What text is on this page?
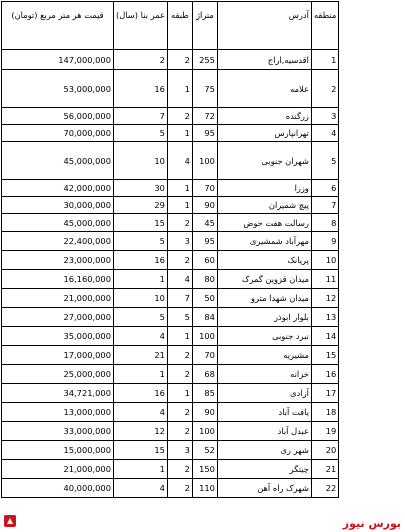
منطقه	آدرس	متراژ	طبقه	عمر بنا (سال)	قیمت هر متر مربع (تومان)
1	اقدسیه,اراج	255	2	2	147,000,000
2	علامه	75	1	16	53,000,000
3	زرگنده	72	2	7	56,000,000
4	تهرانپارس	95	1	5	70,000,000
5	شهران جنوبی	100	4	10	45,000,000
6	وزرا	70	1	30	42,000,000
7	پیچ شمیران	90	1	29	30,000,000
8	رسالت هفت حوض	45	2	15	45,000,000
9	مهرآباد شمشیری	95	3	5	22,400,000
10	پریانک	60	2	16	23,000,000
11	میدان قزوین گمرک	80	4	1	16,160,000
12	میدان شهدا مترو	50	7	10	21,000,000
13	بلوار ابوذر	84	5	5	27,000,000
14	نبرد جنوبی	100	1	4	35,000,000
15	مشیریه	70	2	21	17,000,000
16	خزانه	68	2	1	25,000,000
17	آزادی	85	1	16	34,721,000
18	یافت آباد	90	2	4	13,000,000
19	عبدل آباد	100	2	12	33,000,000
20	شهر ری	52	3	15	15,000,000
21	چیتگر	150	2	1	21,000,000
22	شهرک راه آهن	110	2	4	40,000,000
بورس نیوز
